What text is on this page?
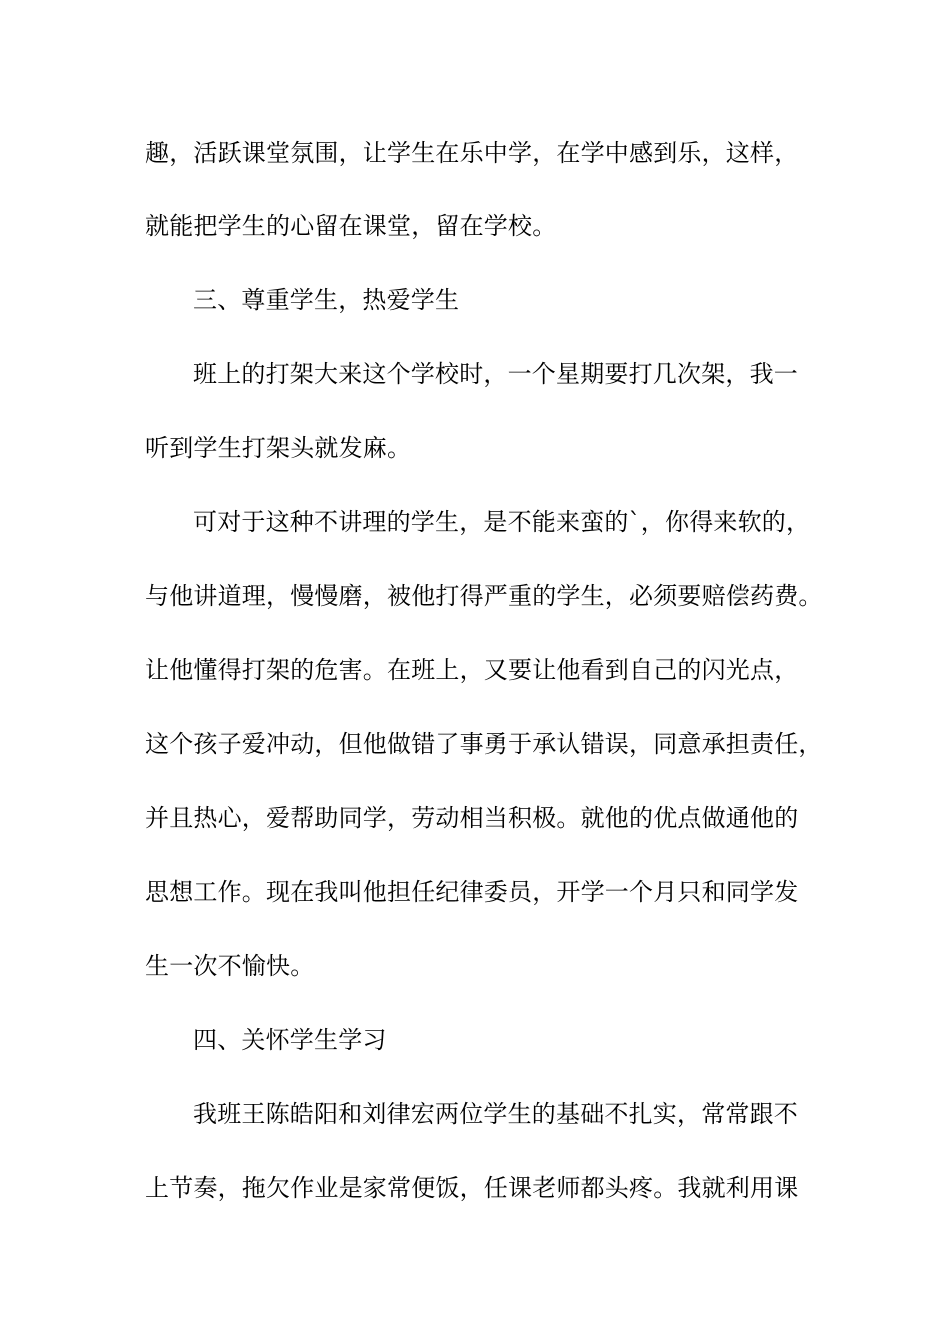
趣，活跃课堂氛围，让学生在乐中学，在学中感到乐，这样，
就能把学生的心留在课堂，留在学校。
三、尊重学生，热爱学生
班上的打架大来这个学校时，一个星期要打几次架，我一
听到学生打架头就发麻。
可对于这种不讲理的学生，是不能来蛮的`，你得来软的，
与他讲道理，慢慢磨，被他打得严重的学生，必须要赔偿药费。
让他懂得打架的危害。在班上，又要让他看到自己的闪光点，
这个孩子爱冲动，但他做错了事勇于承认错误，同意承担责任，
并且热心，爱帮助同学，劳动相当积极。就他的优点做通他的
思想工作。现在我叫他担任纪律委员，开学一个月只和同学发
生一次不愉快。
四、关怀学生学习
我班王陈皓阳和刘律宏两位学生的基础不扎实，常常跟不
上节奏，拖欠作业是家常便饭，任课老师都头疼。我就利用课
